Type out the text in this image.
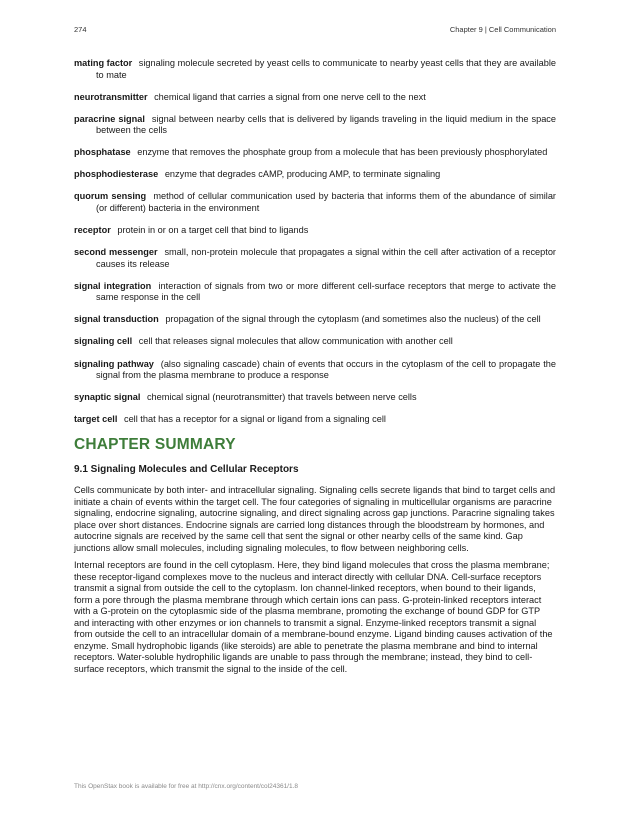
274	Chapter 9 | Cell Communication

mating factor signaling molecule secreted by yeast cells to communicate to nearby yeast cells that they are available to mate

neurotransmitter chemical ligand that carries a signal from one nerve cell to the next

paracrine signal signal between nearby cells that is delivered by ligands traveling in the liquid medium in the space between the cells

phosphatase enzyme that removes the phosphate group from a molecule that has been previously phosphorylated

phosphodiesterase enzyme that degrades cAMP, producing AMP, to terminate signaling

quorum sensing method of cellular communication used by bacteria that informs them of the abundance of similar (or different) bacteria in the environment

receptor protein in or on a target cell that bind to ligands

second messenger small, non-protein molecule that propagates a signal within the cell after activation of a receptor causes its release

signal integration interaction of signals from two or more different cell-surface receptors that merge to activate the same response in the cell

signal transduction propagation of the signal through the cytoplasm (and sometimes also the nucleus) of the cell

signaling cell cell that releases signal molecules that allow communication with another cell

signaling pathway (also signaling cascade) chain of events that occurs in the cytoplasm of the cell to propagate the signal from the plasma membrane to produce a response

synaptic signal chemical signal (neurotransmitter) that travels between nerve cells

target cell cell that has a receptor for a signal or ligand from a signaling cell

CHAPTER SUMMARY
9.1 Signaling Molecules and Cellular Receptors

Cells communicate by both inter- and intracellular signaling. Signaling cells secrete ligands that bind to target cells and initiate a chain of events within the target cell. The four categories of signaling in multicellular organisms are paracrine signaling, endocrine signaling, autocrine signaling, and direct signaling across gap junctions. Paracrine signaling takes place over short distances. Endocrine signals are carried long distances through the bloodstream by hormones, and autocrine signals are received by the same cell that sent the signal or other nearby cells of the same kind. Gap junctions allow small molecules, including signaling molecules, to flow between neighboring cells.

Internal receptors are found in the cell cytoplasm. Here, they bind ligand molecules that cross the plasma membrane; these receptor-ligand complexes move to the nucleus and interact directly with cellular DNA. Cell-surface receptors transmit a signal from outside the cell to the cytoplasm. Ion channel-linked receptors, when bound to their ligands, form a pore through the plasma membrane through which certain ions can pass. G-protein-linked receptors interact with a G-protein on the cytoplasmic side of the plasma membrane, promoting the exchange of bound GDP for GTP and interacting with other enzymes or ion channels to transmit a signal. Enzyme-linked receptors transmit a signal from outside the cell to an intracellular domain of a membrane-bound enzyme. Ligand binding causes activation of the enzyme. Small hydrophobic ligands (like steroids) are able to penetrate the plasma membrane and bind to internal receptors. Water-soluble hydrophilic ligands are unable to pass through the membrane; instead, they bind to cell-surface receptors, which transmit the signal to the inside of the cell.

This OpenStax book is available for free at http://cnx.org/content/col24361/1.8
